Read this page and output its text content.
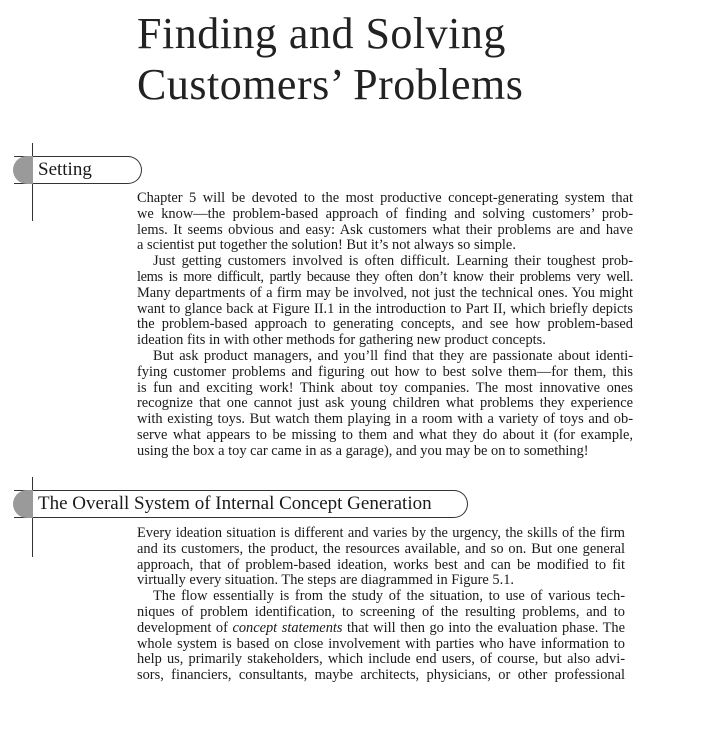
Finding and Solving
Customers’ Problems
Setting

Chapter 5 will be devoted to the most productive concept-generating system that
we know—the problem-based approach of finding and solving customers’ prob-
lems. It seems obvious and easy: Ask customers what their problems are and have
a scientist put together the solution! But it’s not always so simple.

Just getting customers involved is often difficult. Learning their toughest prob-
lems is more difficult, partly because they often don’t know their problems very well.
Many departments of a firm may be involved, not just the technical ones. You might
want to glance back at Figure II.1 in the introduction to Part II, which briefly depicts
the problem-based approach to generating concepts, and see how problem-based
ideation fits in with other methods for gathering new product concepts.

But ask product managers, and you’ll find that they are passionate about identi-
fying customer problems and figuring out how to best solve them—for them, this
is fun and exciting work! Think about toy companies. The most innovative ones
recognize that one cannot just ask young children what problems they experience
with existing toys. But watch them playing in a room with a variety of toys and ob-
serve what appears to be missing to them and what they do about it (for example,
using the box a toy car came in as a garage), and you may be on to something!

The Overall System of Internal Concept Generation

Every ideation situation is different and varies by the urgency, the skills of the firm
and its customers, the product, the resources available, and so on. But one general
approach, that of problem-based ideation, works best and can be modified to fit
virtually every situation. The steps are diagrammed in Figure 5.1.

The flow essentially is from the study of the situation, to use of various tech-
niques of problem identification, to screening of the resulting problems, and to
development of concept statements that will then go into the evaluation phase. The
whole system is based on close involvement with parties who have information to
help us, primarily stakeholders, which include end users, of course, but also advi-
sors, financiers, consultants, maybe architects, physicians, or other professional
